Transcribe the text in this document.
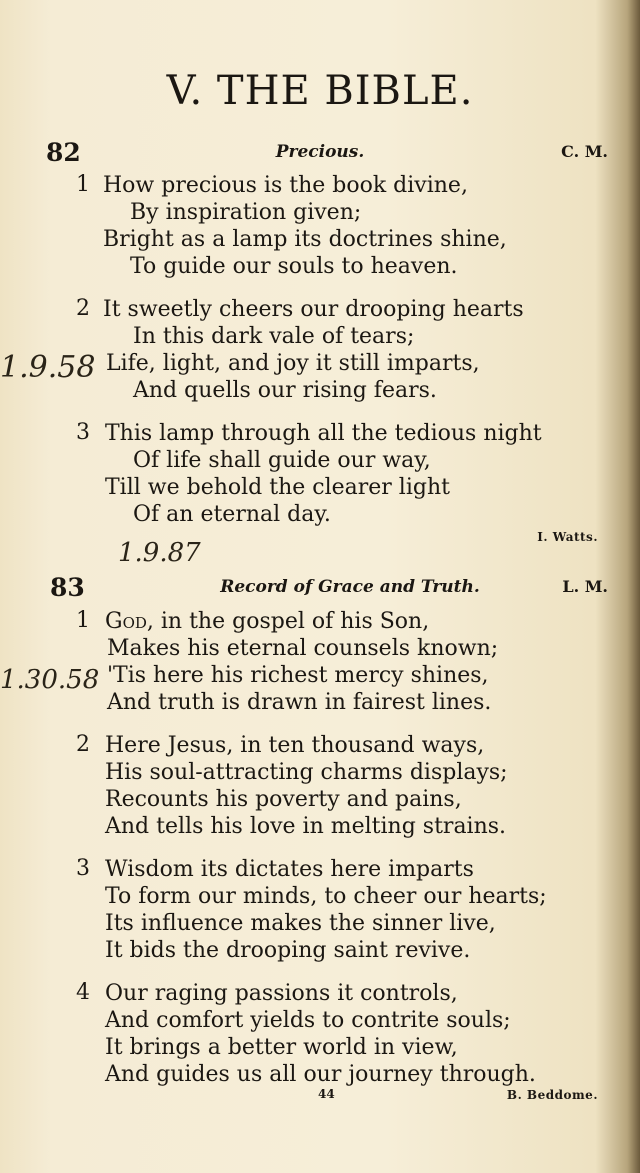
V. THE BIBLE.
82	Precious.	C. M.
1 How precious is the book divine,
By inspiration given;
Bright as a lamp its doctrines shine,
To guide our souls to heaven.
2 It sweetly cheers our drooping hearts
In this dark vale of tears;
Life, light, and joy it still imparts,
And quells our rising fears.
3 This lamp through all the tedious night
Of life shall guide our way,
Till we behold the clearer light
Of an eternal day.
I. Watts.
83	Record of Grace and Truth.	L. M.
1 God, in the gospel of his Son,
Makes his eternal counsels known;
'Tis here his richest mercy shines,
And truth is drawn in fairest lines.
2 Here Jesus, in ten thousand ways,
His soul-attracting charms displays;
Recounts his poverty and pains,
And tells his love in melting strains.
3 Wisdom its dictates here imparts
To form our minds, to cheer our hearts;
Its influence makes the sinner live,
It bids the drooping saint revive.
4 Our raging passions it controls,
And comfort yields to contrite souls;
It brings a better world in view,
And guides us all our journey through.
44	B. Beddome.
1.9.58
1.9.87
1.30.58
